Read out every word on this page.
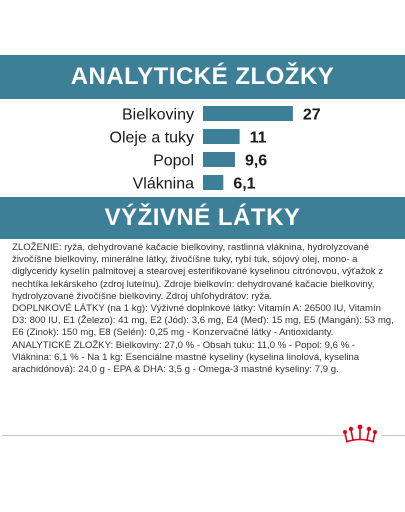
ANALYTICKÉ ZLOŽKY
Bielkoviny	27
Oleje a tuky	11
Popol	9,6
Vláknina 6,1
VÝŽIVNÉ LÁTKY

ZLOŽENIE: ryža, dehydrované kačacie bielkoviny, rastlinná vláknina, hydrolyzované živočíšne bielkoviny, minerálne látky, živočíšne tuky, rybí tuk, sójový olej, mono- a diglyceridy kyselín palmitovej a stearovej esterifikované kyselinou citrónovou, výťažok z nechtíka lekárskeho (zdroj luteínu). Zdroje bielkovín: dehydrované kačacie bielkoviny, hydrolyzované živočíšne bielkoviny. Zdroj uhľohydrátov: ryža.
DOPLNKOVÉ LÁTKY (na 1 kg): Výživné doplnkové látky: Vitamín A: 26500 IU, Vitamín D3: 800 IU, E1 (Železo): 41 mg, E2 (Jód): 3,6 mg, E4 (Meď): 15 mg, E5 (Mangán): 53 mg, E6 (Zinok): 150 mg, E8 (Selén): 0,25 mg - Konzervačné látky - Antioxidanty.
ANALYTICKÉ ZLOŽKY: Bielkoviny: 27,0 % - Obsah tuku: 11,0 % - Popol: 9,6 % - Vláknina: 6,1 % - Na 1 kg: Esenciálne mastné kyseliny (kyselina linolová, kyselina arachidónová): 24,0 g - EPA & DHA: 3,5 g - Omega-3 mastné kyseliny: 7,9 g.
